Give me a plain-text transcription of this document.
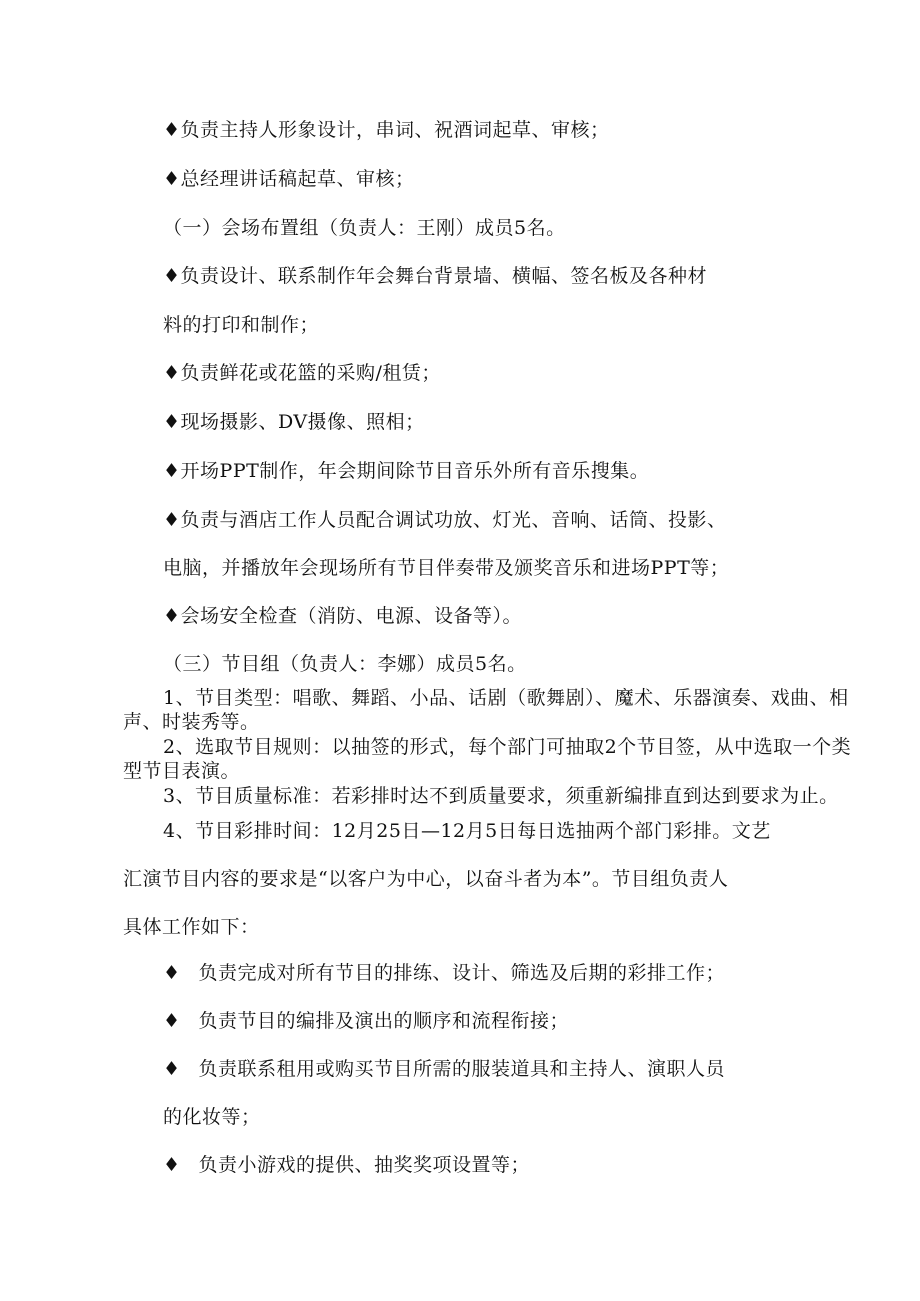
♦负责主持人形象设计，串词、祝酒词起草、审核；
♦总经理讲话稿起草、审核；
（一）会场布置组（负责人：王刚）成员5名。
♦负责设计、联系制作年会舞台背景墙、横幅、签名板及各种材
料的打印和制作；
♦负责鲜花或花篮的采购/租赁；
♦现场摄影、DV摄像、照相；
♦开场PPT制作，年会期间除节目音乐外所有音乐搜集。
♦负责与酒店工作人员配合调试功放、灯光、音响、话筒、投影、
电脑，并播放年会现场所有节目伴奏带及颁奖音乐和进场PPT等；
♦会场安全检查（消防、电源、设备等）。
（三）节目组（负责人：李娜）成员5名。
1、节目类型：唱歌、舞蹈、小品、话剧（歌舞剧）、魔术、乐器演奏、戏曲、相
声、时装秀等。
2、选取节目规则：以抽签的形式，每个部门可抽取2个节目签，从中选取一个类
型节目表演。
3、节目质量标准：若彩排时达不到质量要求，须重新编排直到达到要求为止。
4、节目彩排时间：12月25日—12月5日每日选抽两个部门彩排。文艺
汇演节目内容的要求是“以客户为中心，以奋斗者为本”。节目组负责人
具体工作如下：
♦ 负责完成对所有节目的排练、设计、筛选及后期的彩排工作；
♦ 负责节目的编排及演出的顺序和流程衔接；
♦ 负责联系租用或购买节目所需的服装道具和主持人、演职人员
的化妆等；
♦ 负责小游戏的提供、抽奖奖项设置等；
